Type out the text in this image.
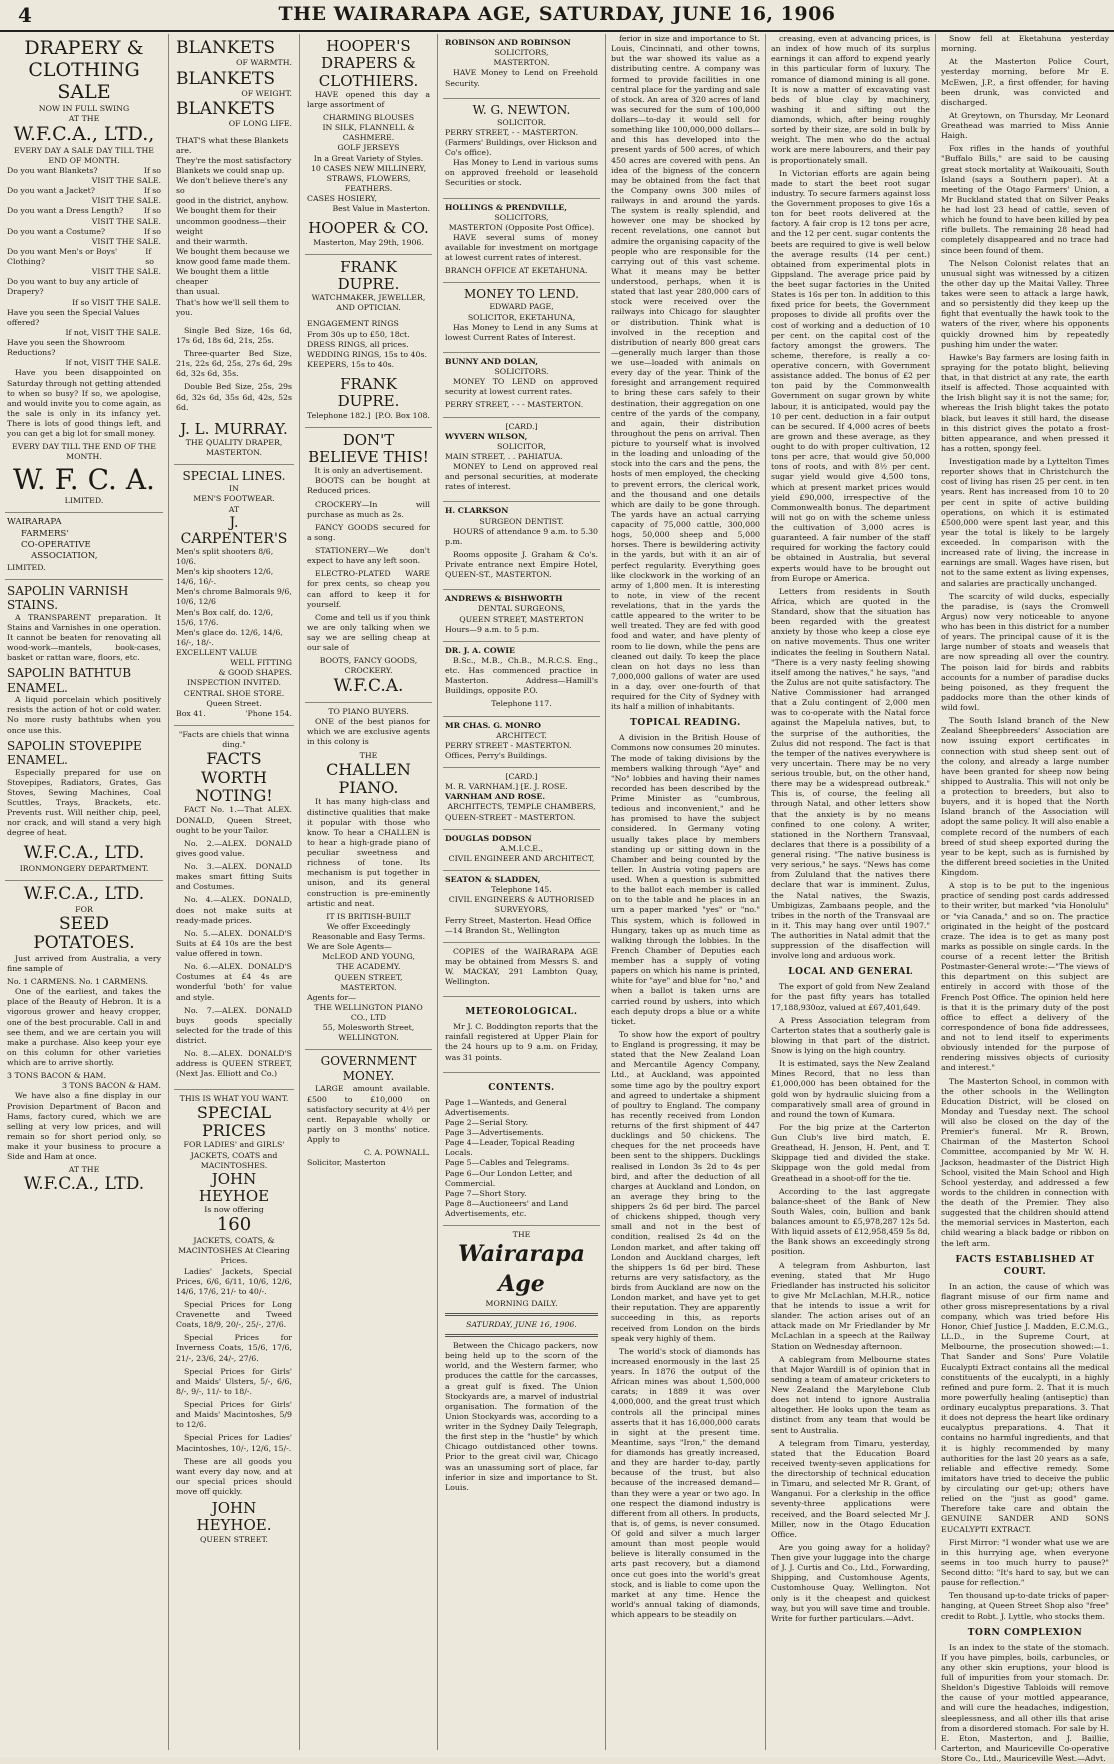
4	THE WAIRARAPA AGE, SATURDAY, JUNE 16, 1906
DRAPERY & CLOTHING SALE
NOW IN FULL SWING
AT THE
W.F.C.A., LTD.,
EVERY DAY A SALE DAY TILL THE END OF MONTH.
Do you want Blankets?	If so
VISIT THE SALE.
Do you want a Jacket?	If so
VISIT THE SALE.
Do you want a Dress Length?	If so
VISIT THE SALE.
Do you want a Costume?	If so
VISIT THE SALE.
Do you want Men's or Boys' Clothing?
If so
VISIT THE SALE.
Do you want to buy any article of Drapery?
If so VISIT THE SALE.
Have you seen the Special Values offered?
If not, VISIT THE SALE.
Have you seen the Showroom Reductions?
If not, VISIT THE SALE.

Have you been disappointed on Saturday through not getting attended to when so busy? If so, we apologise, and would invite you to come again, as the sale is only in its infancy yet. There is lots of good things left, and you can get a big lot for small money.

EVERY DAY TILL THE END OF THE MONTH.
W. F. C. A.
LIMITED.
WAIRARAPA
FARMERS'
CO-OPERATIVE
ASSOCIATION,
LIMITED.
SAPOLIN VARNISH STAINS.

A TRANSPARENT preparation. It Stains and Varnishes in one operation. It cannot be beaten for renovating all wood-work—mantels, book-cases, basket or rattan ware, floors, etc.

SAPOLIN BATHTUB ENAMEL.

A liquid porcelain which positively resists the action of hot or cold water. No more rusty bathtubs when you once use this.

SAPOLIN STOVEPIPE ENAMEL.

Especially prepared for use on Stovepipes, Radiators, Grates, Gas Stoves, Sewing Machines, Coal Scuttles, Trays, Brackets, etc. Prevents rust. Will neither chip, peel, nor crack, and will stand a very high degree of heat.

W.F.C.A., LTD.
IRONMONGERY DEPARTMENT.
W.F.C.A., LTD.
FOR
SEED POTATOES.

Just arrived from Australia, a very fine sample of

No. 1 CARMENS. No. 1 CARMENS.

One of the earliest, and takes the place of the Beauty of Hebron. It is a vigorous grower and heavy cropper, one of the best procurable. Call in and see them, and we are certain you will make a purchase. Also keep your eye on this column for other varieties which are to arrive shortly.

3 TONS BACON & HAM.
3 TONS BACON & HAM.

We have also a fine display in our Provision Department of Bacon and Hams, factory cured, which we are selling at very low prices, and will remain so for short period only, so make it your business to procure a Side and Ham at once.

AT THE
W.F.C.A., LTD.
BLANKETS
OF WARMTH.
BLANKETS
OF WEIGHT.
BLANKETS
OF LONG LIFE.
THAT'S what these Blankets are.
They're the most satisfactory
Blankets we could snap up.
We don't believe there's any so
good in the district, anyhow.
We bought them for their uncommon goodness—their weight
and their warmth.
We bought them because we
know good fame made them.
We bought them a little cheaper
than usual.
That's how we'll sell them to
you.

Single Bed Size, 16s 6d, 17s 6d, 18s 6d, 21s, 25s.

Three-quarter Bed Size, 21s, 22s 6d, 25s, 27s 6d, 29s 6d, 32s 6d, 35s.

Double Bed Size, 25s, 29s 6d, 32s 6d, 35s 6d, 42s, 52s 6d.

J. L. MURRAY.
THE QUALITY DRAPER,
MASTERTON.
SPECIAL LINES.
IN
MEN'S FOOTWEAR.
AT
J. CARPENTER'S
Men's split shooters 8/6, 10/6.
Men's kip shooters 12/6, 14/6, 16/-.
Men's chrome Balmorals 9/6, 10/6, 12/6
Men's Box calf, do. 12/6, 15/6, 17/6.
Men's glace do. 12/6, 14/6, 16/-, 18/-.
EXCELLENT VALUE
WELL FITTING
& GOOD SHAPES.
INSPECTION INVITED.
CENTRAL SHOE STORE.
Queen Street.
Box 41.	'Phone 154.
"Facts are chiels that winna ding."
FACTS WORTH NOTING!

FACT No. 1.—That ALEX. DONALD, Queen Street, ought to be your Tailor.

No. 2.—ALEX. DONALD gives good value.

No. 3.—ALEX. DONALD makes smart fitting Suits and Costumes.

No. 4.—ALEX. DONALD, does not make suits at ready-made prices.

No. 5.—ALEX. DONALD'S Suits at £4 10s are the best value offered in town.

No. 6.—ALEX. DONALD'S Costumes at £4 4s are wonderful 'both' for value and style.

No. 7.—ALEX. DONALD buys goods specially selected for the trade of this district.

No. 8.—ALEX. DONALD'S address is QUEEN STREET, (Next Jas. Elliott and Co.)

THIS IS WHAT YOU WANT.
SPECIAL PRICES
FOR LADIES' and GIRLS' JACKETS, COATS and MACINTOSHES.
JOHN HEYHOE
Is now offering
160
JACKETS, COATS, & MACINTOSHES At Clearing Prices.

Ladies' Jackets, Special Prices, 6/6, 6/11, 10/6, 12/6, 14/6, 17/6, 21/- to 40/-.

Special Prices for Long Cravenette and Tweed Coats, 18/9, 20/-, 25/-, 27/6.

Special Prices for Inverness Coats, 15/6, 17/6, 21/-, 23/6, 24/-, 27/6.

Special Prices for Girls' and Maids' Ulsters, 5/-, 6/6, 8/-, 9/-, 11/- to 18/-.

Special Prices for Girls' and Maids' Macintoshes, 5/9 to 12/6.

Special Prices for Ladies' Macintoshes, 10/-, 12/6, 15/-.

These are all goods you want every day now, and at our special prices should move off quickly.

JOHN HEYHOE.
QUEEN STREET.
HOOPER'S
DRAPERS & CLOTHIERS.

HAVE opened this day a large assortment of

CHARMING BLOUSES
IN SILK, FLANNELL & CASHMERE.
GOLF JERSEYS
In a Great Variety of Styles.
10 CASES NEW MILLINERY, STRAWS, FLOWERS, FEATHERS.
CASES HOSIERY,
Best Value in Masterton.
HOOPER & CO.
Masterton, May 29th, 1906.
FRANK DUPRE.
WATCHMAKER, JEWELLER, AND OPTICIAN.
ENGAGEMENT RINGS
From 30s up to £50, 18ct.
DRESS RINGS, all prices.
WEDDING RINGS, 15s to 40s.
KEEPERS, 15s to 40s.
FRANK DUPRE.
Telephone 182.] [P.O. Box 108.
DON'T BELIEVE THIS!
It is only an advertisement.

BOOTS can be bought at Reduced prices.

CROCKERY—In will purchase as much as 2s.

FANCY GOODS secured for a song.

STATIONERY—We don't expect to have any left soon.

ELECTRO-PLATED WARE for prex cents, so cheap you can afford to keep it for yourself.

Come and tell us if you think we are only talking when we say we are selling cheap at our sale of

BOOTS, FANCY GOODS, CROCKERY.
W.F.C.A.
TO PIANO BUYERS.

ONE of the best pianos for which we are exclusive agents in this colony is

THE
CHALLEN PIANO.

It has many high-class and distinctive qualities that make it popular with those who know. To hear a CHALLEN is to hear a high-grade piano of peculiar sweetness and richness of tone. Its mechanism is put together in unison, and its general construction is pre-eminently artistic and neat.

IT IS BRITISH-BUILT
We offer Exceedingly Reasonable and Easy Terms.
We are Sole Agents—
McLEOD AND YOUNG,
THE ACADEMY.
QUEEN STREET, MASTERTON.
Agents for—
THE WELLINGTON PIANO CO., LTD
55, Molesworth Street,
WELLINGTON.
GOVERNMENT MONEY.

LARGE amount available. £500 to £10,000 on satisfactory security at 4½ per cent. Repayable wholly or partly on 3 months' notice. Apply to

C. A. POWNALL.
Solicitor, Masterton
ROBINSON AND ROBINSON
SOLICITORS,
MASTERTON.

HAVE Money to Lend on Freehold Security.

W. G. NEWTON.
SOLICITOR.
PERRY STREET, - - MASTERTON. (Farmers' Buildings, over Hickson and Co's office).

Has Money to Lend in various sums on approved freehold or leasehold Securities or stock.

HOLLINGS & PRENDVILLE,
SOLICITORS,
MASTERTON (Opposite Post Office).

HAVE several sums of money available for investment on mortgage at lowest current rates of interest.

BRANCH OFFICE AT EKETAHUNA.
MONEY TO LEND.
EDWARD PAGE,
SOLICITOR, EKETAHUNA,

Has Money to Lend in any Sums at lowest Current Rates of Interest.

BUNNY AND DOLAN,
SOLICITORS.

MONEY TO LEND on approved security at lowest current rates.

PERRY STREET, - - - MASTERTON.
[CARD.]
WYVERN WILSON,
SOLICITOR,
MAIN STREET, . . PAHIATUA.

MONEY to Lend on approved real and personal securities, at moderate rates of interest.

H. CLARKSON
SURGEON DENTIST.

HOURS of attendance 9 a.m. to 5.30 p.m.

Rooms opposite J. Graham & Co's. Private entrance next Empire Hotel, QUEEN-ST., MASTERTON.

ANDREWS & BISHWORTH
DENTAL SURGEONS,
QUEEN STREET, MASTERTON
Hours—9 a.m. to 5 p.m.
DR. J. A. COWIE

B.Sc., M.B., Ch.B., M.R.C.S. Eng., etc. Has commenced practice in Masterton. Address—Hamill's Buildings, opposite P.O.

Telephone 117.
MR CHAS. G. MONRO
ARCHITECT.
PERRY STREET - MASTERTON. Offices, Perry's Buildings.
[CARD.]
M. R. VARNHAM.] [E. J. ROSE.
VARNHAM AND ROSE.
ARCHITECTS, TEMPLE CHAMBERS,
QUEEN-STREET - MASTERTON.
DOUGLAS DODSON
A.M.I.C.E.,
CIVIL ENGINEER AND ARCHITECT,
SEATON & SLADDEN,
Telephone 145.
CIVIL ENGINEERS & AUTHORISED SURVEYORS,
Ferry Street, Masterton. Head Office—14 Brandon St., Wellington

COPIES of the WAIRARAPA AGE may be obtained from Messrs S. and W. MACKAY, 291 Lambton Quay, Wellington.

METEOROLOGICAL.

Mr J. C. Boddington reports that the rainfall registered at Upper Plain for the 24 hours up to 9 a.m. on Friday, was 31 points.

CONTENTS.
Page 1—Wanteds, and General Advertisements.
Page 2—Serial Story.
Page 3—Advertisements.
Page 4—Leader, Topical Reading Locals.
Page 5—Cables and Telegrams.
Page 6—Our London Letter, and Commercial.
Page 7—Short Story.
Page 8—Auctioneers' and Land Advertisements, etc.
THE
Wairarapa Age
MORNING DAILY.
SATURDAY, JUNE 16, 1906.

Between the Chicago packers, now being held up to the scorn of the world, and the Western farmer, who produces the cattle for the carcasses, a great gulf is fixed. The Union Stockyards are, a marvel of industrial organisation. The formation of the Union Stockyards was, according to a writer in the Sydney Daily Telegraph, the first step in the "hustle" by which Chicago outdistanced other towns. Prior to the great civil war, Chicago was an unassuming sort of place, far inferior in size and importance to St. Louis.

ferior in size and importance to St. Louis, Cincinnati, and other towns, but the war showed its value as a distributing centre. A company was formed to provide facilities in one central place for the yarding and sale of stock. An area of 320 acres of land was secured for the sum of 100,000 dollars—to-day it would sell for something like 100,000,000 dollars—and this has developed into the present yards of 500 acres, of which 450 acres are covered with pens. An idea of the bigness of the concern may be obtained from the fact that the Company owns 300 miles of railways in and around the yards. The system is really splendid, and however one may be shocked by recent revelations, one cannot but admire the organising capacity of the people who are responsible for the carrying out of this vast scheme. What it means may be better understood, perhaps, when it is stated that last year 280,000 cars of stock were received over the railways into Chicago for slaughter or distribution. Think what is involved in the reception and distribution of nearly 800 great cars—generally much larger than those we use—loaded with animals on every day of the year. Think of the foresight and arrangement required to bring these cars safely to their destination, their aggregation on one centre of the yards of the company, and again, their distribution throughout the pens on arrival. Then picture to yourself what is involved in the loading and unloading of the stock into the cars and the pens, the hosts of men employed, the checking to prevent errors, the clerical work, and the thousand and one details which are daily to be gone through. The yards have an actual carrying capacity of 75,000 cattle, 300,000 hogs, 50,000 sheep and 5,000 horses. There is bewildering activity in the yards, but with it an air of perfect regularity. Everything goes like clockwork in the working of an army of 1,800 men. It is interesting to note, in view of the recent revelations, that in the yards the cattle appeared to the writer to be well treated. They are fed with good food and water, and have plenty of room to lie down, while the pens are cleaned out daily. To keep the place clean on hot days no less than 7,000,000 gallons of water are used in a day, over one-fourth of that required for the City of Sydney with its half a million of inhabitants.

TOPICAL READING.

A division in the British House of Commons now consumes 20 minutes. The mode of taking divisions by the members walking through "Aye" and "No" lobbies and having their names recorded has been described by the Prime Minister as "cumbrous, tedious and inconvenient," and he has promised to have the subject considered. In Germany voting usually takes place by members standing up or sitting down in the Chamber and being counted by the teller. In Austria voting papers are used. When a question is submitted to the ballot each member is called on to the table and he places in an urn a paper marked "yes" or "no." This system, which is followed in Hungary, takes up as much time as walking through the lobbies. In the French Chamber of Deputies each member has a supply of voting papers on which his name is printed, white for "aye" and blue for "no," and when a ballot is taken urns are carried round by ushers, into which each deputy drops a blue or a white ticket.

To show how the export of poultry to England is progressing, it may be stated that the New Zealand Loan and Mercantile Agency Company, Ltd., at Auckland, was appointed some time ago by the poultry export and agreed to undertake a shipment of poultry to England. The company has recently received from London returns of the first shipment of 447 ducklings and 50 chickens. The cheques for the net proceeds have been sent to the shippers. Ducklings realised in London 3s 2d to 4s per bird, and after the deduction of all charges at Auckland and London, on an average they bring to the shippers 2s 6d per bird. The parcel of chickens shipped, though very small and not in the best of condition, realised 2s 4d on the London market, and after taking off London and Auckland charges, left the shippers 1s 6d per bird. These returns are very satisfactory, as the birds from Auckland are now on the London market, and have yet to get their reputation. They are apparently succeeding in this, as reports received from London on the birds speak very highly of them.

The world's stock of diamonds has increased enormously in the last 25 years. In 1876 the output of the African mines was about 1,500,000 carats; in 1889 it was over 4,000,000, and the great trust which controls all the principal mines asserts that it has 16,000,000 carats in sight at the present time. Meantime, says "Iron," the demand for diamonds has greatly increased, and they are harder to-day, partly because of the trust, but also because of the increased demand—than they were a year or two ago. In one respect the diamond industry is different from all others. In products, that is, of gems, is never consumed. Of gold and silver a much larger amount than most people would believe is literally consumed in the arts past recovery, but a diamond once cut goes into the world's great stock, and is liable to come upon the market at any time. Hence the world's annual taking of diamonds, which appears to be steadily on

creasing, even at advancing prices, is an index of how much of its surplus earnings it can afford to expend yearly in this particular form of luxury. The romance of diamond mining is all gone. It is now a matter of excavating vast beds of blue clay by machinery, washing it and sifting out the diamonds, which, after being roughly sorted by their size, are sold in bulk by weight. The men who do the actual work are mere labourers, and their pay is proportionately small.

In Victorian efforts are again being made to start the beet root sugar industry. To secure farmers against loss the Government proposes to give 16s a ton for beet roots delivered at the factory. A fair crop is 12 tons per acre, and the 12 per cent. sugar contents the beets are required to give is well below the average results (14 per cent.) obtained from experimental plots in Gippsland. The average price paid by the beet sugar factories in the United States is 16s per ton. In addition to this fixed price for beets, the Government proposes to divide all profits over the cost of working and a deduction of 10 per cent. on the capital cost of the factory amongst the growers. The scheme, therefore, is really a co-operative concern, with Government assistance added. The bonus of £2 per ton paid by the Commonwealth Government on sugar grown by white labour, it is anticipated, would pay the 10 per cent. deduction in a fair output can be secured. If 4,000 acres of beets are grown and these average, as they ought to do with proper cultivation, 12 tons per acre, that would give 50,000 tons of roots, and with 8½ per cent. sugar yield would give 4,500 tons, which at present market prices would yield £90,000, irrespective of the Commonwealth bonus. The department will not go on with the scheme unless the cultivation of 3,000 acres is guaranteed. A fair number of the staff required for working the factory could be obtained in Australia, but several experts would have to be brought out from Europe or America.

Letters from residents in South Africa, which are quoted in the Standard, show that the situation has been regarded with the greatest anxiety by those who keep a close eye on native movements. Thus one writer indicates the feeling in Southern Natal. "There is a very nasty feeling showing itself among the natives," he says, "and the Zulus are not quite satisfactory. The Native Commissioner had arranged that a Zulu contingent of 2,000 men was to co-operate with the Natal force against the Mapelula natives, but, to the surprise of the authorities, the Zulus did not respond. The fact is that the temper of the natives everywhere is very uncertain. There may be no very serious trouble, but, on the other hand, there may be a widespread outbreak." This is, of course, the feeling all through Natal, and other letters show that the anxiety is by no means confined to one colony. A writer, stationed in the Northern Transvaal, declares that there is a possibility of a general rising. "The native business is very serious," he says. "News has come from Zululand that the natives there declare that war is imminent. Zulus, the Natal natives, the Swazis, Umbigizas, Zambaans people, and the tribes in the north of the Transvaal are in it. This may hang over until 1907." The authorities in Natal admit that the suppression of the disaffection will involve long and arduous work.

LOCAL AND GENERAL

The export of gold from New Zealand for the past fifty years has totalled 17,188,930oz, valued at £67,401,649.

A Press Association telegram from Carterton states that a southerly gale is blowing in that part of the district. Snow is lying on the high country.

It is estimated, says the New Zealand Mines Record, that no less than £1,000,000 has been obtained for the gold won by hydraulic sluicing from a comparatively small area of ground in and round the town of Kumara.

For the big prize at the Carterton Gun Club's live bird match, E. Greathead, H. Jenson, H. Pent, and T. Skippage tied and divided the stake. Skippage won the gold medal from Greathead in a shoot-off for the tie.

According to the last aggregate balance-sheet of the Bank of New South Wales, coin, bullion and bank balances amount to £5,978,287 12s 5d. With liquid assets of £12,958,459 5s 8d, the Bank shows an exceedingly strong position.

A telegram from Ashburton, last evening, stated that Mr Hugo Friedlander has instructed his solicitor to give Mr McLachlan, M.H.R., notice that he intends to issue a writ for slander. The action arises out of an attack made on Mr Friedlander by Mr McLachlan in a speech at the Railway Station on Wednesday afternoon.

A cablegram from Melbourne states that Major Wardill is of opinion that in sending a team of amateur cricketers to New Zealand the Marylebone Club does not intend to ignore Australia altogether. He looks upon the team as distinct from any team that would be sent to Australia.

A telegram from Timaru, yesterday, stated that the Education Board received twenty-seven applications for the directorship of technical education in Timaru, and selected Mr R. Grant, of Wanganui. For a clerkship in the office seventy-three applications were received, and the Board selected Mr J. Miller, now in the Otago Education Office.

Are you going away for a holiday? Then give your luggage into the charge of J. J. Curtis and Co., Ltd., Forwarding, Shipping, and Customhouse Agents, Customhouse Quay, Wellington. Not only is it the cheapest and quickest way, but you will save time and trouble. Write for further particulars.—Advt.

Snow fell at Eketahuna yesterday morning.

At the Masterton Police Court, yesterday morning, before Mr E. McEwen, J.P., a first offender, for having been drunk, was convicted and discharged.

At Greytown, on Thursday, Mr Leonard Greathead was married to Miss Annie Haigh.

Fox rifles in the hands of youthful "Buffalo Bills," are said to be causing great stock mortality at Waikouaiti, South Island (says a Southern paper). At a meeting of the Otago Farmers' Union, a Mr Buckland stated that on Silver Peaks he had lost 23 head of cattle, seven of which he found to have been killed by pea rifle bullets. The remaining 28 head had completely disappeared and no trace had since been found of them.

The Nelson Colonist relates that an unusual sight was witnessed by a citizen the other day up the Maitai Valley. Three takes were seen to attack a large hawk, and so persistently did they keep up the fight that eventually the hawk took to the waters of the river, where his opponents quickly drowned him by repeatedly pushing him under the water.

Hawke's Bay farmers are losing faith in spraying for the potato blight, believing that, in that district at any rate, the earth itself is affected. Those acquainted with the Irish blight say it is not the same; for, whereas the Irish blight takes the potato black, but leaves it still hard, the disease in this district gives the potato a frost-bitten appearance, and when pressed it has a rotten, spongy feel.

Investigation made by a Lyttelton Times reporter shows that in Christchurch the cost of living has risen 25 per cent. in ten years. Rent has increased from 10 to 20 per cent in spite of active building operations, on which it is estimated £500,000 were spent last year, and this year the total is likely to be largely exceeded. In comparison with the increased rate of living, the increase in earnings are small. Wages have risen, but not to the same extent as living expenses, and salaries are practically unchanged.

The scarcity of wild ducks, especially the paradise, is (says the Cromwell Argus) now very noticeable to anyone who has been in this district for a number of years. The principal cause of it is the large number of stoats and weasels that are now spreading all over the country. The poison laid for birds and rabbits accounts for a number of paradise ducks being poisoned, as they frequent the paddocks more than the other kinds of wild fowl.

The South Island branch of the New Zealand Sheepbreeders' Association are now issuing export certificates in connection with stud sheep sent out of the colony, and already a large number have been granted for sheep now being shipped to Australia. This will not only be a protection to breeders, but also to buyers, and it is hoped that the North Island branch of the Association will adopt the same policy. It will also enable a complete record of the numbers of each breed of stud sheep exported during the year to be kept, such as is furnished by the different breed societies in the United Kingdom.

A stop is to be put to the ingenious practice of sending post cards addressed to their writer, but marked "via Honolulu" or "via Canada," and so on. The practice originated in the height of the postcard craze. The idea is to get as many post marks as possible on single cards. In the course of a recent letter the British Postmaster-General wrote:—"The views of this department on this subject are entirely in accord with those of the French Post Office. The opinion held here is that it is the primary duty of the post office to effect a delivery of the correspondence of bona fide addressees, and not to lend itself to experiments obviously intended for the purpose of rendering missives objects of curiosity and interest."

The Masterton School, in common with the other schools in the Wellington Education District, will be closed on Monday and Tuesday next. The school will also be closed on the day of the Premier's funeral. Mr R. Brown, Chairman of the Masterton School Committee, accompanied by Mr W. H. Jackson, headmaster of the District High School, visited the Main School and High School yesterday, and addressed a few words to the children in connection with the death of the Premier. They also suggested that the children should attend the memorial services in Masterton, each child wearing a black badge or ribbon on the left arm.

FACTS ESTABLISHED AT COURT.

In an action, the cause of which was flagrant misuse of our firm name and other gross misrepresentations by a rival company, which was tried before His Honor, Chief Justice J. Madden, E.C.M.G., LL.D., in the Supreme Court, at Melbourne, the prosecution showed:—1. That Sander and Sons' Pure Volatile Eucalypti Extract contains all the medical constituents of the eucalypti, in a highly refined and pure form. 2. That it is much more powerfully healing (antiseptic) than ordinary eucalyptus preparations. 3. That it does not depress the heart like ordinary eucalyptus preparations. 4. That it contains no harmful ingredients, and that it is highly recommended by many authorities for the last 20 years as a safe, reliable and effective remedy. Some imitators have tried to deceive the public by circulating our get-up; others have relied on the "just as good" game. Therefore take care and obtain the GENUINE SANDER AND SONS EUCALYPTI EXTRACT.

First Mirror: "I wonder what use we are in this hurrying age, when everyone seems in too much hurry to pause?" Second ditto: "It's hard to say, but we can pause for reflection."

Ten thousand up-to-date tricks of paper-hanging, at Queen Street Shop also "free" credit to Robt. J. Lyttle, who stocks them.

TORN COMPLEXION

Is an index to the state of the stomach. If you have pimples, boils, carbuncles, or any other skin eruptions, your blood is full of impurities from your stomach. Dr. Sheldon's Digestive Tabloids will remove the cause of your mottled appearance, and will cure the headaches, indigestion, sleeplessness, and all other ills that arise from a disordered stomach. For sale by H. E. Eton, Masterton, and J. Baillie, Carterton, and Mauriceville Co-operative Store Co., Ltd., Mauriceville West.—Advt.
